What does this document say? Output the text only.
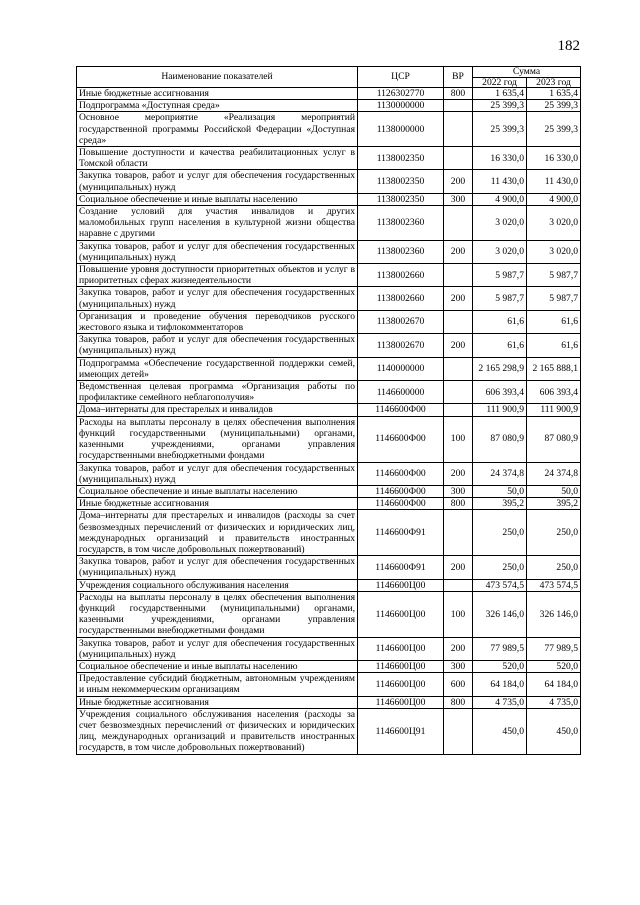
182
Наименование показателей	ЦСР	ВР	Сумма	
			2022 год	2023 год
Иные бюджетные ассигнования	1126302770	800	1 635,4	1 635,4
Подпрограмма «Доступная среда»	1130000000		25 399,3	25 399,3
Основное мероприятие «Реализация мероприятий государственной программы Российской Федерации «Доступная среда»	1138000000		25 399,3	25 399,3
Повышение доступности и качества реабилитационных услуг в Томской области	1138002350		16 330,0	16 330,0
Закупка товаров, работ и услуг для обеспечения государственных (муниципальных) нужд	1138002350	200	11 430,0	11 430,0
Социальное обеспечение и иные выплаты населению	1138002350	300	4 900,0	4 900,0
Создание условий для участия инвалидов и других маломобильных групп населения в культурной жизни общества наравне с другими	1138002360		3 020,0	3 020,0
Закупка товаров, работ и услуг для обеспечения государственных (муниципальных) нужд	1138002360	200	3 020,0	3 020,0
Повышение уровня доступности приоритетных объектов и услуг в приоритетных сферах жизнедеятельности	1138002660		5 987,7	5 987,7
Закупка товаров, работ и услуг для обеспечения государственных (муниципальных) нужд	1138002660	200	5 987,7	5 987,7
Организация и проведение обучения переводчиков русского жестового языка и тифлокомментаторов	1138002670		61,6	61,6
Закупка товаров, работ и услуг для обеспечения государственных (муниципальных) нужд	1138002670	200	61,6	61,6
Подпрограмма «Обеспечение государственной поддержки семей, имеющих детей»	1140000000		2 165 298,9	2 165 888,1
Ведомственная целевая программа «Организация работы по профилактике семейного неблагополучия»	1146600000		606 393,4	606 393,4
Дома–интернаты для престарелых и инвалидов	1146600Ф00		111 900,9	111 900,9
Расходы на выплаты персоналу в целях обеспечения выполнения функций государственными (муниципальными) органами, казенными учреждениями, органами управления государственными внебюджетными фондами	1146600Ф00	100	87 080,9	87 080,9
Закупка товаров, работ и услуг для обеспечения государственных (муниципальных) нужд	1146600Ф00	200	24 374,8	24 374,8
Социальное обеспечение и иные выплаты населению	1146600Ф00	300	50,0	50,0
Иные бюджетные ассигнования	1146600Ф00	800	395,2	395,2
Дома–интернаты для престарелых и инвалидов (расходы за счет безвозмездных перечислений от физических и юридических лиц, международных организаций и правительств иностранных государств, в том числе добровольных пожертвований)	1146600Ф91		250,0	250,0
Закупка товаров, работ и услуг для обеспечения государственных (муниципальных) нужд	1146600Ф91	200	250,0	250,0
Учреждения социального обслуживания населения	1146600Ц00		473 574,5	473 574,5
Расходы на выплаты персоналу в целях обеспечения выполнения функций государственными (муниципальными) органами, казенными учреждениями, органами управления государственными внебюджетными фондами	1146600Ц00	100	326 146,0	326 146,0
Закупка товаров, работ и услуг для обеспечения государственных (муниципальных) нужд	1146600Ц00	200	77 989,5	77 989,5
Социальное обеспечение и иные выплаты населению	1146600Ц00	300	520,0	520,0
Предоставление субсидий бюджетным, автономным учреждениям и иным некоммерческим организациям	1146600Ц00	600	64 184,0	64 184,0
Иные бюджетные ассигнования	1146600Ц00	800	4 735,0	4 735,0
Учреждения социального обслуживания населения (расходы за счет безвозмездных перечислений от физических и юридических лиц, международных организаций и правительств иностранных государств, в том числе добровольных пожертвований)	1146600Ц91		450,0	450,0
